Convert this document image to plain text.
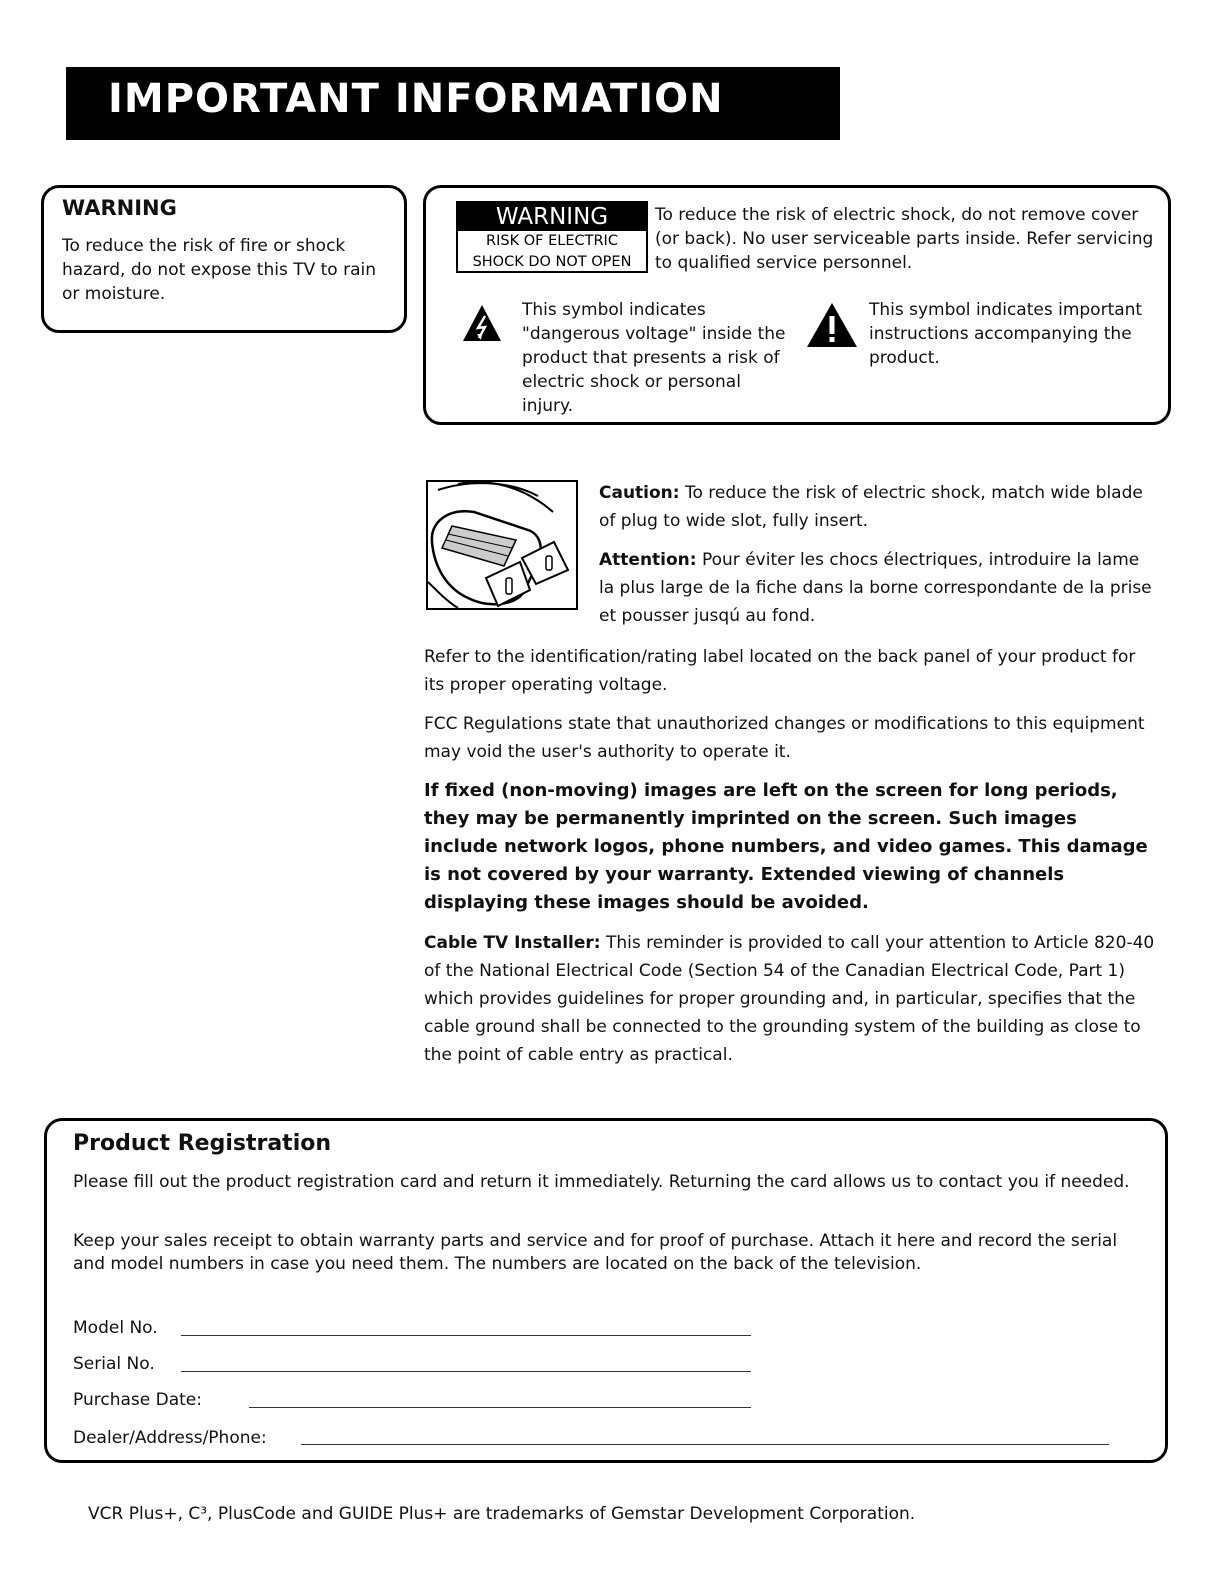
IMPORTANT INFORMATION
WARNING

To reduce the risk of fire or shock hazard, do not expose this TV to rain or moisture.

WARNING
RISK OF ELECTRIC
SHOCK DO NOT OPEN

To reduce the risk of electric shock, do not remove cover (or back). No user serviceable parts inside. Refer servicing to qualified service personnel.

This symbol indicates "dangerous voltage" inside the product that presents a risk of electric shock or personal injury.

This symbol indicates important instructions accompanying the product.

Caution: To reduce the risk of electric shock, match wide blade of plug to wide slot, fully insert.

Attention: Pour éviter les chocs électriques, introduire la lame la plus large de la fiche dans la borne correspondante de la prise et pousser jusqú au fond.

Refer to the identification/rating label located on the back panel of your product for its proper operating voltage.

FCC Regulations state that unauthorized changes or modifications to this equipment may void the user's authority to operate it.

If fixed (non-moving) images are left on the screen for long periods, they may be permanently imprinted on the screen. Such images include network logos, phone numbers, and video games. This damage is not covered by your warranty. Extended viewing of channels displaying these images should be avoided.

Cable TV Installer: This reminder is provided to call your attention to Article 820-40 of the National Electrical Code (Section 54 of the Canadian Electrical Code, Part 1) which provides guidelines for proper grounding and, in particular, specifies that the cable ground shall be connected to the grounding system of the building as close to the point of cable entry as practical.

Product Registration

Please fill out the product registration card and return it immediately. Returning the card allows us to contact you if needed.

Keep your sales receipt to obtain warranty parts and service and for proof of purchase. Attach it here and record the serial and model numbers in case you need them. The numbers are located on the back of the television.

Model No.
Serial No.
Purchase Date:
Dealer/Address/Phone:

VCR Plus+, C³, PlusCode and GUIDE Plus+ are trademarks of Gemstar Development Corporation.
